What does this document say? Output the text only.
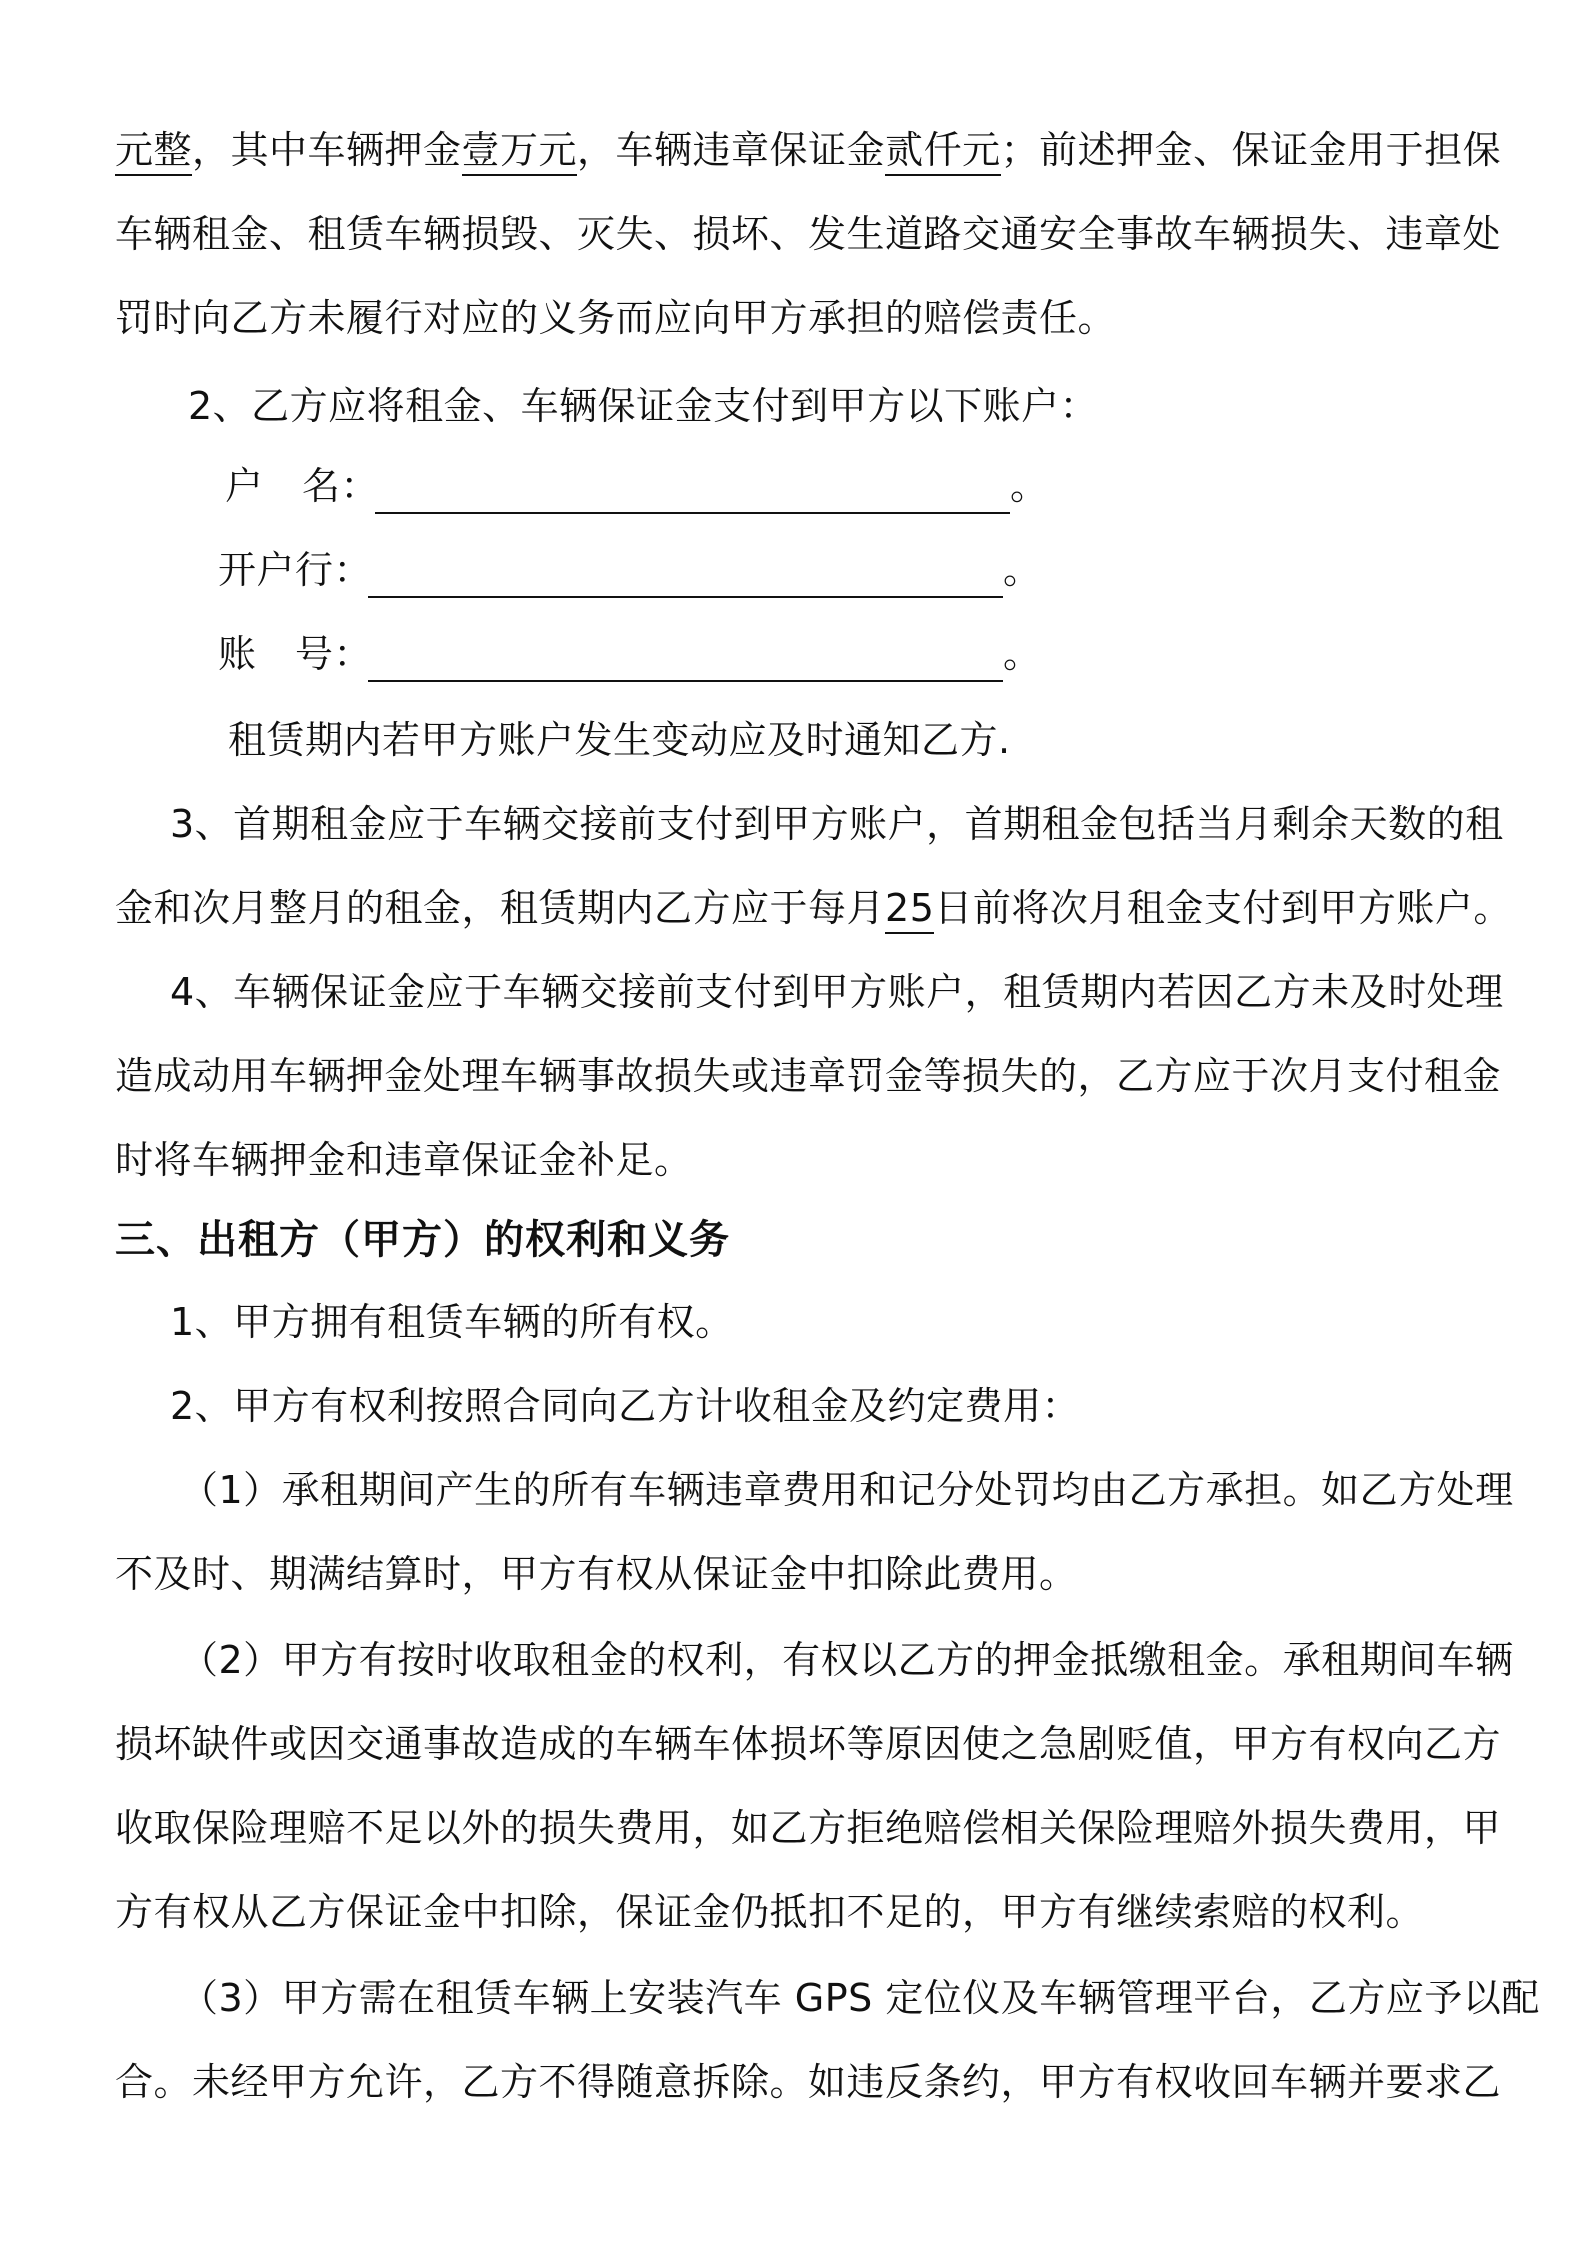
元整，其中车辆押金壹万元，车辆违章保证金贰仟元；前述押金、保证金用于担保
车辆租金、租赁车辆损毁、灭失、损坏、发生道路交通安全事故车辆损失、违章处
罚时向乙方未履行对应的义务而应向甲方承担的赔偿责任。
2、乙方应将租金、车辆保证金支付到甲方以下账户：
户　名：	。
开户行：	。
账　号：	。
租赁期内若甲方账户发生变动应及时通知乙方.
3、首期租金应于车辆交接前支付到甲方账户，首期租金包括当月剩余天数的租
金和次月整月的租金，租赁期内乙方应于每月25日前将次月租金支付到甲方账户。
4、车辆保证金应于车辆交接前支付到甲方账户，租赁期内若因乙方未及时处理
造成动用车辆押金处理车辆事故损失或违章罚金等损失的，乙方应于次月支付租金
时将车辆押金和违章保证金补足。
三、出租方（甲方）的权利和义务
1、甲方拥有租赁车辆的所有权。
2、甲方有权利按照合同向乙方计收租金及约定费用：
（1）承租期间产生的所有车辆违章费用和记分处罚均由乙方承担。如乙方处理
不及时、期满结算时，甲方有权从保证金中扣除此费用。
（2）甲方有按时收取租金的权利，有权以乙方的押金抵缴租金。承租期间车辆
损坏缺件或因交通事故造成的车辆车体损坏等原因使之急剧贬值，甲方有权向乙方
收取保险理赔不足以外的损失费用，如乙方拒绝赔偿相关保险理赔外损失费用，甲
方有权从乙方保证金中扣除，保证金仍抵扣不足的，甲方有继续索赔的权利。
（3）甲方需在租赁车辆上安装汽车 GPS 定位仪及车辆管理平台，乙方应予以配
合。未经甲方允许，乙方不得随意拆除。如违反条约，甲方有权收回车辆并要求乙
